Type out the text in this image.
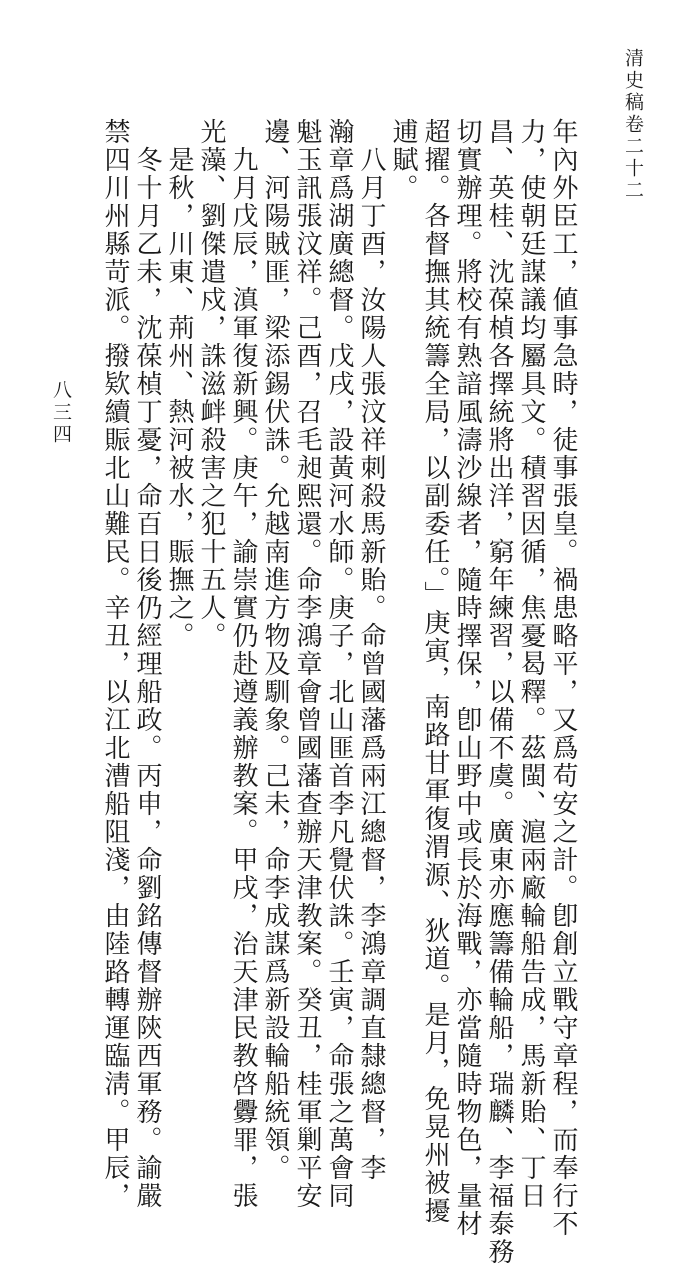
清史稿卷二十二
八三四	年內外臣工，値事急時，徒事張皇。禍患略平，又爲苟安之計。卽創立戰守章程，而奉行不
力，使朝廷謀議均屬具文。積習因循，焦憂曷釋。茲閩、滬兩廠輪船告成，馬新貽、丁日
昌、英桂、沈葆楨各擇統將出洋，窮年練習，以備不虞。廣東亦應籌備輪船，瑞麟、李福泰務
切實辦理。將校有熟諳風濤沙線者，隨時擇保，卽山野中或長於海戰，亦當隨時物色，量材
超擢。各督撫其統籌全局，以副委任。」庚寅，南路甘軍復渭源、狄道。是月，免晃州被擾
逋賦。
　八月丁酉，汝陽人張汶祥刺殺馬新貽。命曾國藩爲兩江總督，李鴻章調直隸總督，李
瀚章爲湖廣總督。戊戌，設黃河水師。庚子，北山匪首李凡覺伏誅。壬寅，命張之萬會同
魁玉訊張汶祥。己酉，召毛昶熙還。命李鴻章會曾國藩查辦天津教案。癸丑，桂軍剿平安
邊、河陽賊匪，梁添錫伏誅。允越南進方物及馴象。己未，命李成謀爲新設輪船統領。
　九月戊辰，滇軍復新興。庚午，諭崇實仍赴遵義辦教案。甲戌，治天津民教啓釁罪，張
光藻、劉傑遣戍，誅滋衅殺害之犯十五人。
　是秋，川東、荊州、熱河被水，賑撫之。
　冬十月乙未，沈葆楨丁憂，命百日後仍經理船政。丙申，命劉銘傳督辦陝西軍務。諭嚴
禁四川州縣苛派。撥欵續賑北山難民。辛丑，以江北漕船阻淺，由陸路轉運臨淸。甲辰，
